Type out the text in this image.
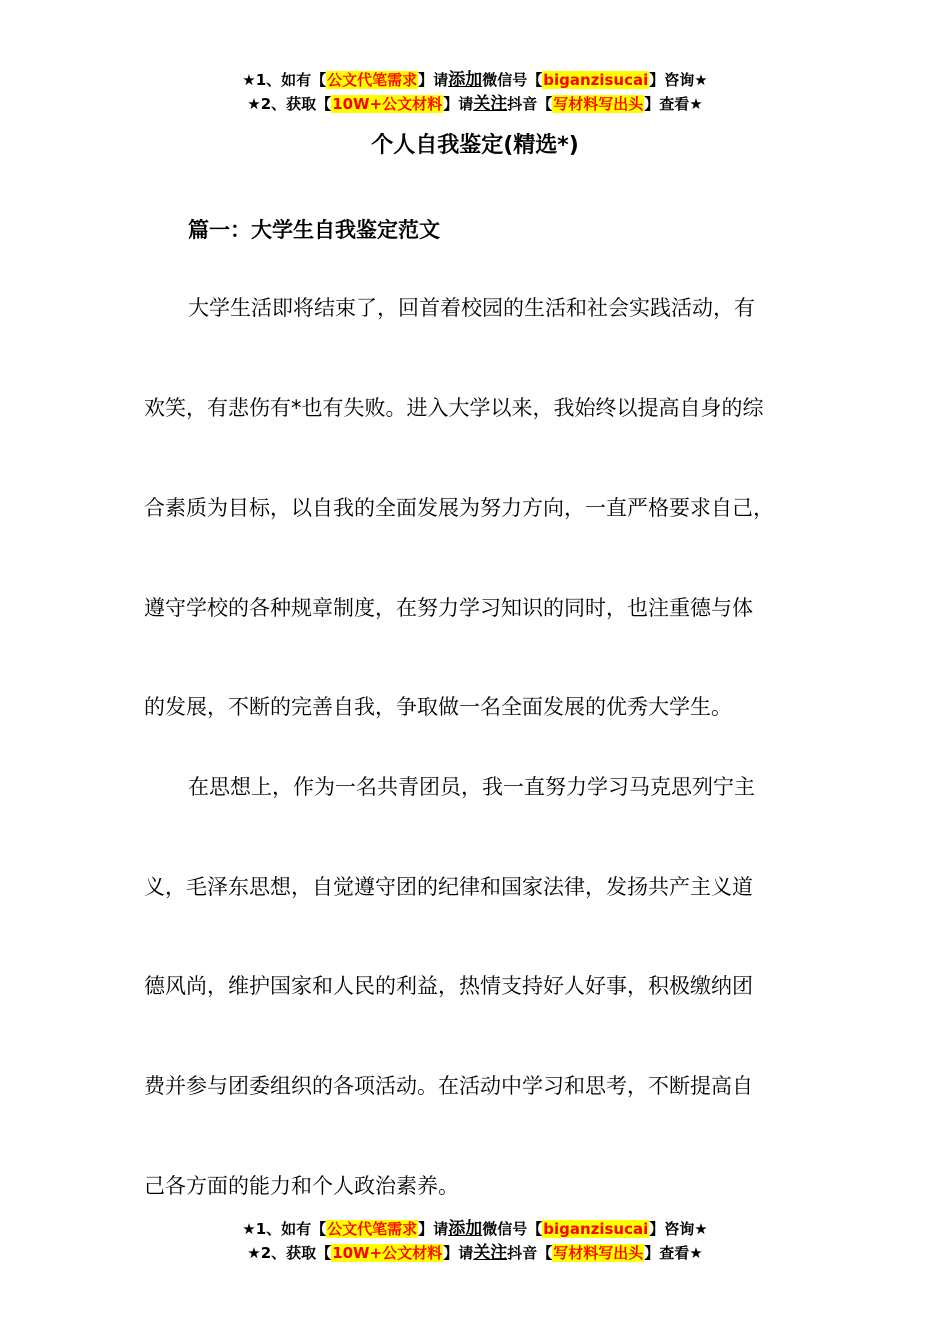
★1、如有【公文代笔需求】请添加微信号【biganzisucai】咨询★
★2、获取【10W+公文材料】请关注抖音【写材料写出头】查看★
个人自我鉴定(精选*)
篇一：大学生自我鉴定范文

大学生活即将结束了，回首着校园的生活和社会实践活动，有

欢笑，有悲伤有*也有失败。进入大学以来，我始终以提高自身的综

合素质为目标，以自我的全面发展为努力方向，一直严格要求自己，

遵守学校的各种规章制度，在努力学习知识的同时，也注重德与体

的发展，不断的完善自我，争取做一名全面发展的优秀大学生。

在思想上，作为一名共青团员，我一直努力学习马克思列宁主

义，毛泽东思想，自觉遵守团的纪律和国家法律，发扬共产主义道

德风尚，维护国家和人民的利益，热情支持好人好事，积极缴纳团

费并参与团委组织的各项活动。在活动中学习和思考，不断提高自

己各方面的能力和个人政治素养。

★1、如有【公文代笔需求】请添加微信号【biganzisucai】咨询★
★2、获取【10W+公文材料】请关注抖音【写材料写出头】查看★
